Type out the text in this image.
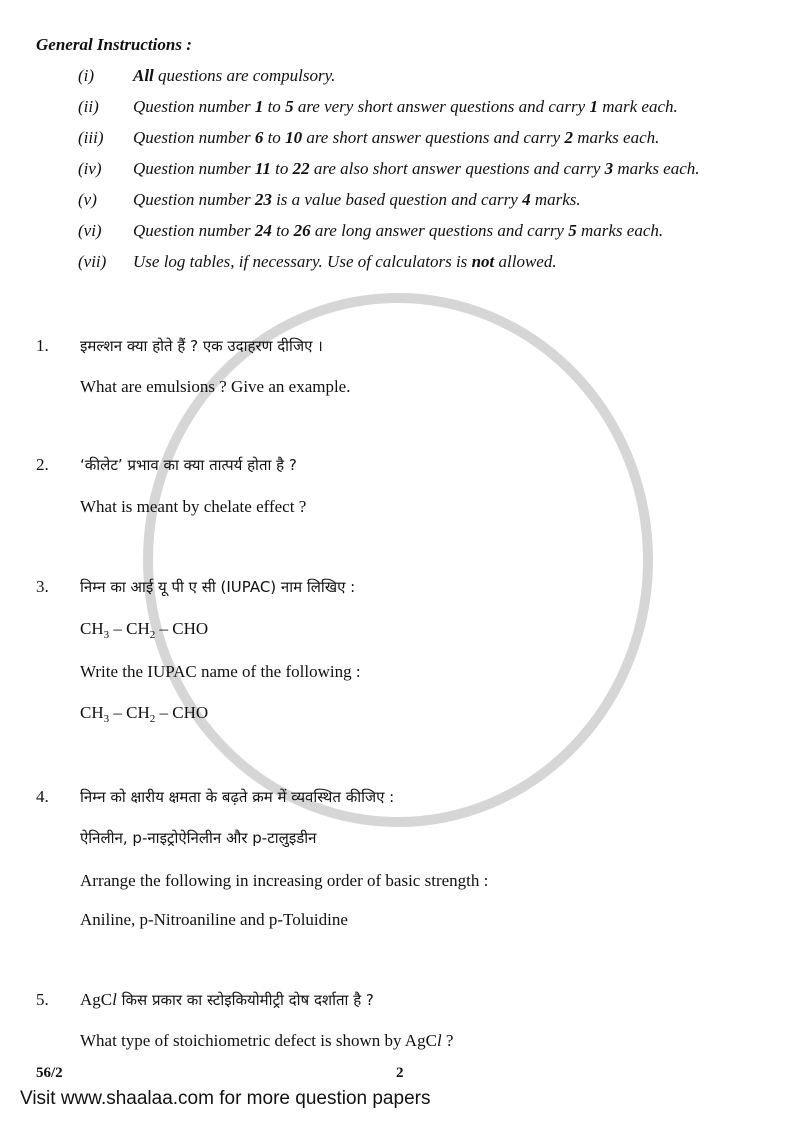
General Instructions :
(i) All questions are compulsory.
(ii) Question number 1 to 5 are very short answer questions and carry 1 mark each.
(iii) Question number 6 to 10 are short answer questions and carry 2 marks each.
(iv) Question number 11 to 22 are also short answer questions and carry 3 marks each.
(v) Question number 23 is a value based question and carry 4 marks.
(vi) Question number 24 to 26 are long answer questions and carry 5 marks each.
(vii) Use log tables, if necessary. Use of calculators is not allowed.
1. इमल्शन क्या होते हैं ? एक उदाहरण दीजिए ।
What are emulsions ? Give an example.
2. ‘कीलेट’ प्रभाव का क्या तात्पर्य होता है ?
What is meant by chelate effect ?
3. निम्न का आई यू पी ए सी (IUPAC) नाम लिखिए :
$CH_3 - CH_2$ – CHO
Write the IUPAC name of the following :
$CH_3 - CH_2$ – CHO
4. निम्न को क्षारीय क्षमता के बढ़ते क्रम में व्यवस्थित कीजिए :
ऐनिलीन, p-नाइट्रोऐनिलीन और p-टालुइडीन
Arrange the following in increasing order of basic strength :
Aniline, p-Nitroaniline and p-Toluidine
5. AgCl किस प्रकार का स्टोइकियोमीट्री दोष दर्शाता है ?
What type of stoichiometric defect is shown by AgCl ?
56/2	2
Visit www.shaalaa.com for more question papers
